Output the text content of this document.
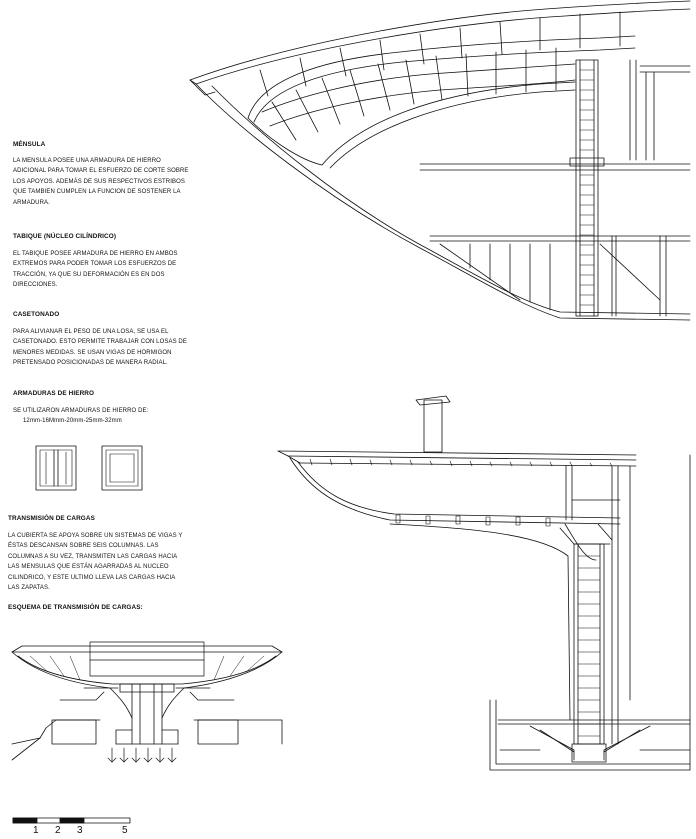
MÉNSULA
LA MENSULA POSEE UNA ARMADURA DE HIERRO
ADICIONAL PARA TOMAR EL ESFUERZO DE CORTE SOBRE
LOS APOYOS. ADEMÁS DE SUS RESPECTIVOS ESTRIBOS
QUE TAMBIEN CUMPLEN LA FUNCION DE SOSTENER LA
ARMADURA.
TABIQUE (NÚCLEO CILÍNDRICO)
EL TABIQUE POSEE ARMADURA DE HIERRO EN AMBOS
EXTREMOS PARA PODER TOMAR LOS ESFUERZOS DE
TRACCIÓN, YA QUE SU DEFORMACIÓN ES EN DOS
DIRECCIONES.
CASETONADO
PARA ALIVIANAR EL PESO DE UNA LOSA, SE USA EL
CASETONADO. ESTO PERMITE TRABAJAR CON LOSAS DE
MENORES MEDIDAS. SE USAN VIGAS DE HORMIGON
PRETENSADO POSICIONADAS DE MANERA RADIAL.
ARMADURAS DE HIERRO
SE UTILIZARON ARMADURAS DE HIERRO DE:
12mm-16Mmm-20mm-25mm-32mm
TRANSMISIÓN DE CARGAS
LA CUBIERTA SE APOYA SOBRE UN SISTEMAS DE VIGAS Y
ÉSTAS DESCANSAN SOBRE SEIS COLUMNAS. LAS
COLUMNAS A SU VEZ, TRANSMITEN LAS CARGAS HACIA
LAS MENSULAS QUE ESTÁN AGARRADAS AL NUCLEO
CILINDRICO, Y ESTE ULTIMO LLEVA LAS CARGAS HACIA
LAS ZAPATAS.
ESQUEMA DE TRANSMISIÓN DE CARGAS:
1 2 3	5
